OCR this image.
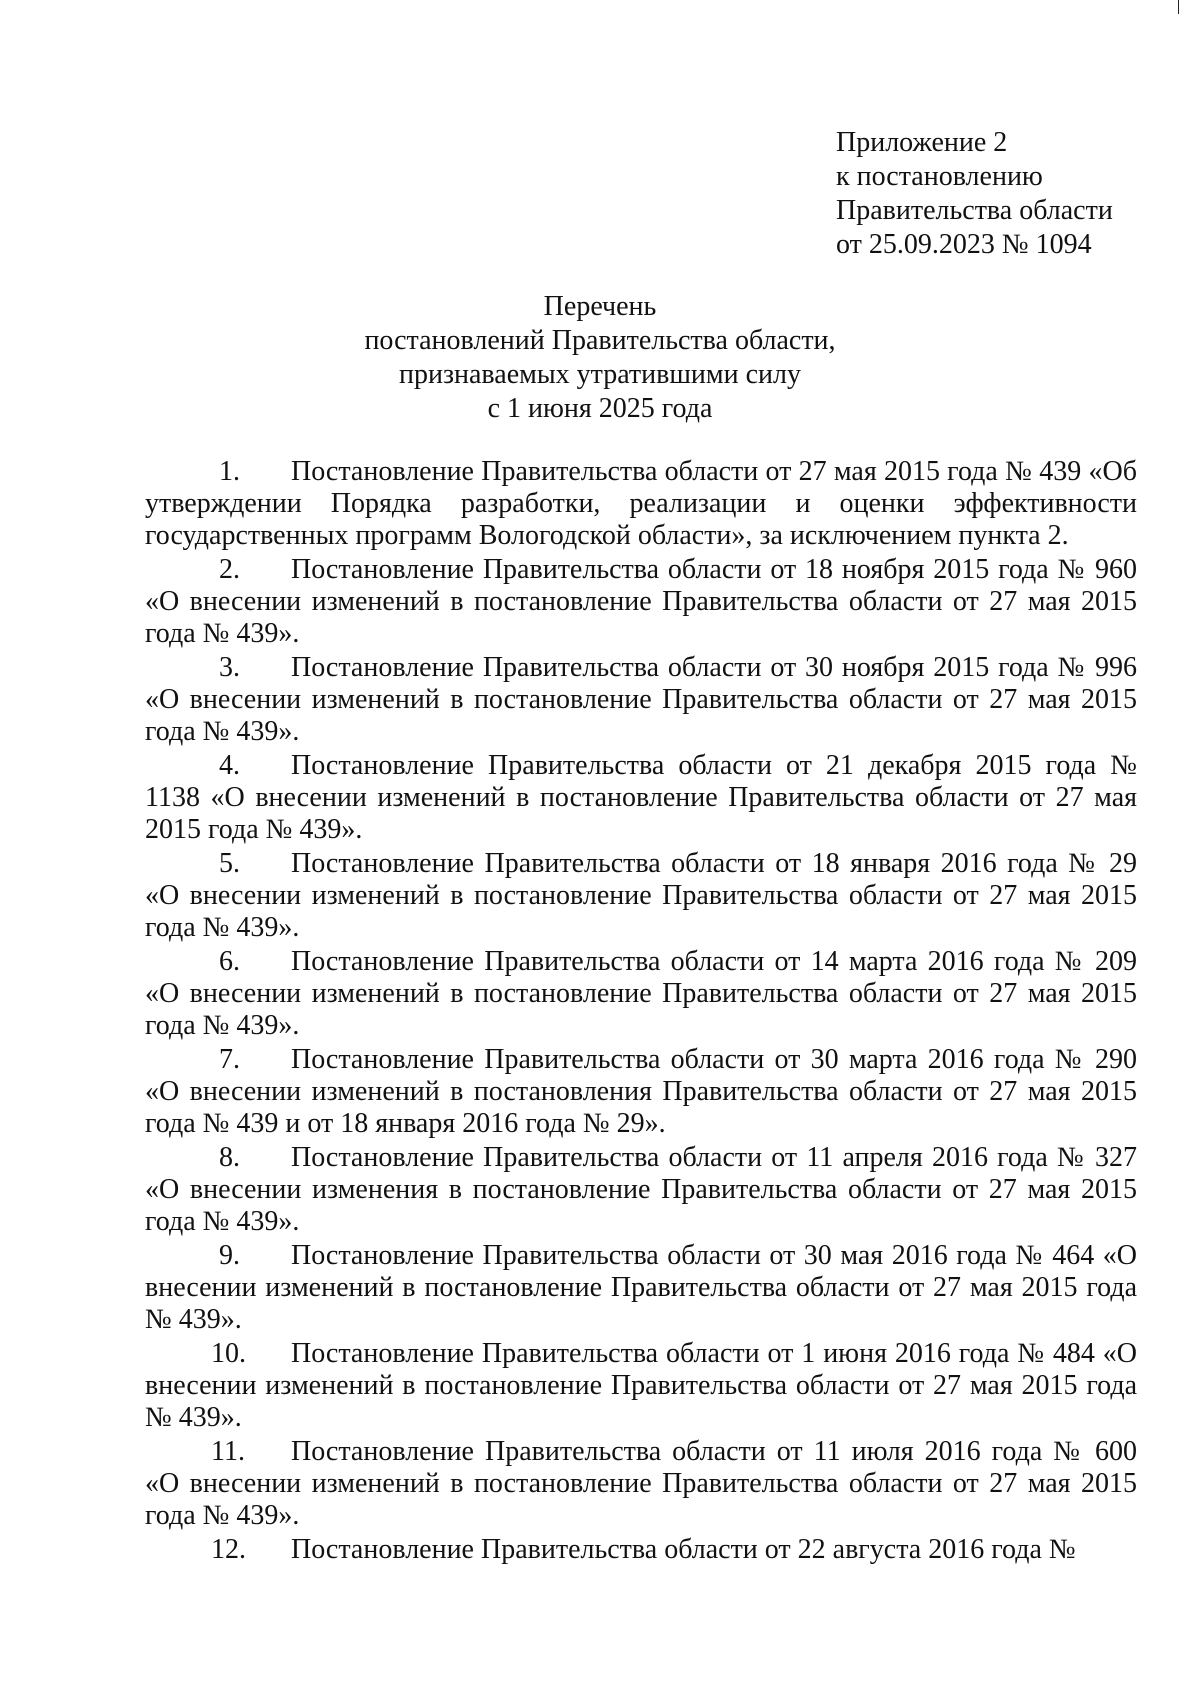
Приложение 2
к постановлению
Правительства области
от 25.09.2023 № 1094
Перечень
постановлений Правительства области,
признаваемых утратившими силу
с 1 июня 2025 года
1. Постановление Правительства области от 27 мая 2015 года № 439 «Об утверждении Порядка разработки, реализации и оценки эффективности государственных программ Вологодской области», за исключением пункта 2.
2. Постановление Правительства области от 18 ноября 2015 года № 960 «О внесении изменений в постановление Правительства области от 27 мая 2015 года № 439».
3. Постановление Правительства области от 30 ноября 2015 года № 996 «О внесении изменений в постановление Правительства области от 27 мая 2015 года № 439».
4. Постановление Правительства области от 21 декабря 2015 года № 1138 «О внесении изменений в постановление Правительства области от 27 мая 2015 года № 439».
5. Постановление Правительства области от 18 января 2016 года № 29 «О внесении изменений в постановление Правительства области от 27 мая 2015 года № 439».
6. Постановление Правительства области от 14 марта 2016 года № 209 «О внесении изменений в постановление Правительства области от 27 мая 2015 года № 439».
7. Постановление Правительства области от 30 марта 2016 года № 290 «О внесении изменений в постановления Правительства области от 27 мая 2015 года № 439 и от 18 января 2016 года № 29».
8. Постановление Правительства области от 11 апреля 2016 года № 327 «О внесении изменения в постановление Правительства области от 27 мая 2015 года № 439».
9. Постановление Правительства области от 30 мая 2016 года № 464 «О внесении изменений в постановление Правительства области от 27 мая 2015 года № 439».
10. Постановление Правительства области от 1 июня 2016 года № 484 «О внесении изменений в постановление Правительства области от 27 мая 2015 года № 439».
11. Постановление Правительства области от 11 июля 2016 года № 600 «О внесении изменений в постановление Правительства области от 27 мая 2015 года № 439».
12. Постановление Правительства области от 22 августа 2016 года №
